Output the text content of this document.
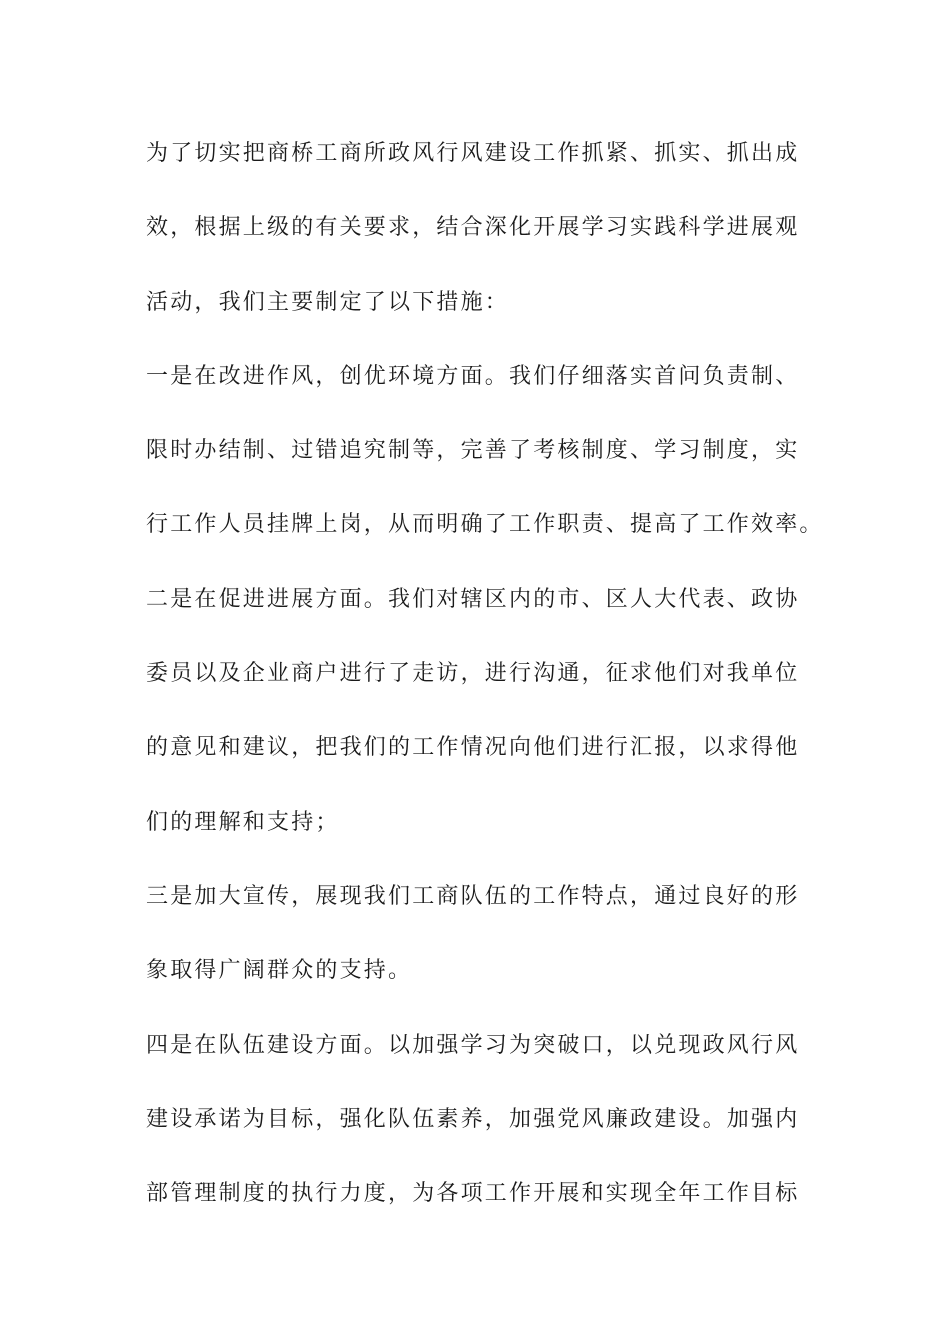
为了切实把商桥工商所政风行风建设工作抓紧、抓实、抓出成
效，根据上级的有关要求，结合深化开展学习实践科学进展观
活动，我们主要制定了以下措施：
一是在改进作风，创优环境方面。我们仔细落实首问负责制、
限时办结制、过错追究制等，完善了考核制度、学习制度，实
行工作人员挂牌上岗，从而明确了工作职责、提高了工作效率。
二是在促进进展方面。我们对辖区内的市、区人大代表、政协
委员以及企业商户进行了走访，进行沟通，征求他们对我单位
的意见和建议，把我们的工作情况向他们进行汇报，以求得他
们的理解和支持；
三是加大宣传，展现我们工商队伍的工作特点，通过良好的形
象取得广阔群众的支持。
四是在队伍建设方面。以加强学习为突破口，以兑现政风行风
建设承诺为目标，强化队伍素养，加强党风廉政建设。加强内
部管理制度的执行力度，为各项工作开展和实现全年工作目标
